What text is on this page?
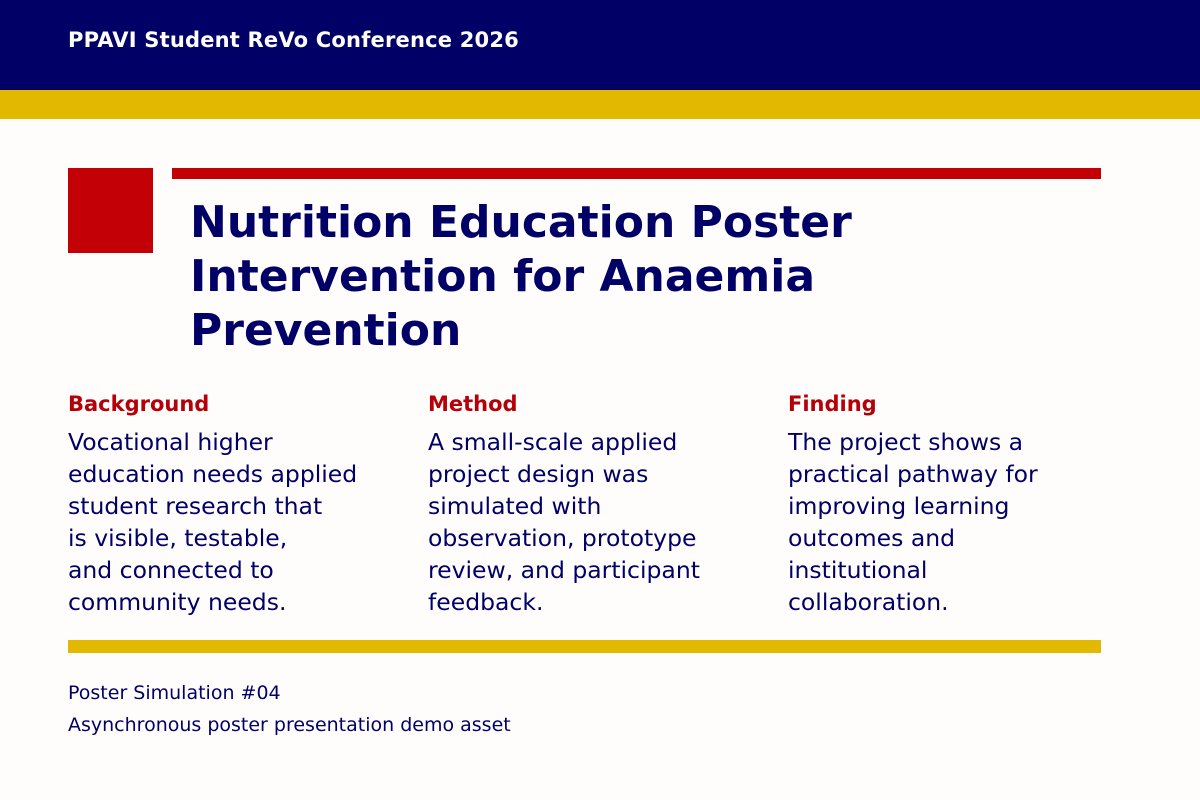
PPAVI Student ReVo Conference 2026
Nutrition Education Poster Intervention for Anaemia Prevention
Background

Vocational higher
education needs applied
student research that
is visible, testable,
and connected to
community needs.

Method

A small-scale applied
project design was
simulated with
observation, prototype
review, and participant
feedback.

Finding

The project shows a
practical pathway for
improving learning
outcomes and
institutional
collaboration.

Poster Simulation #04
Asynchronous poster presentation demo asset
